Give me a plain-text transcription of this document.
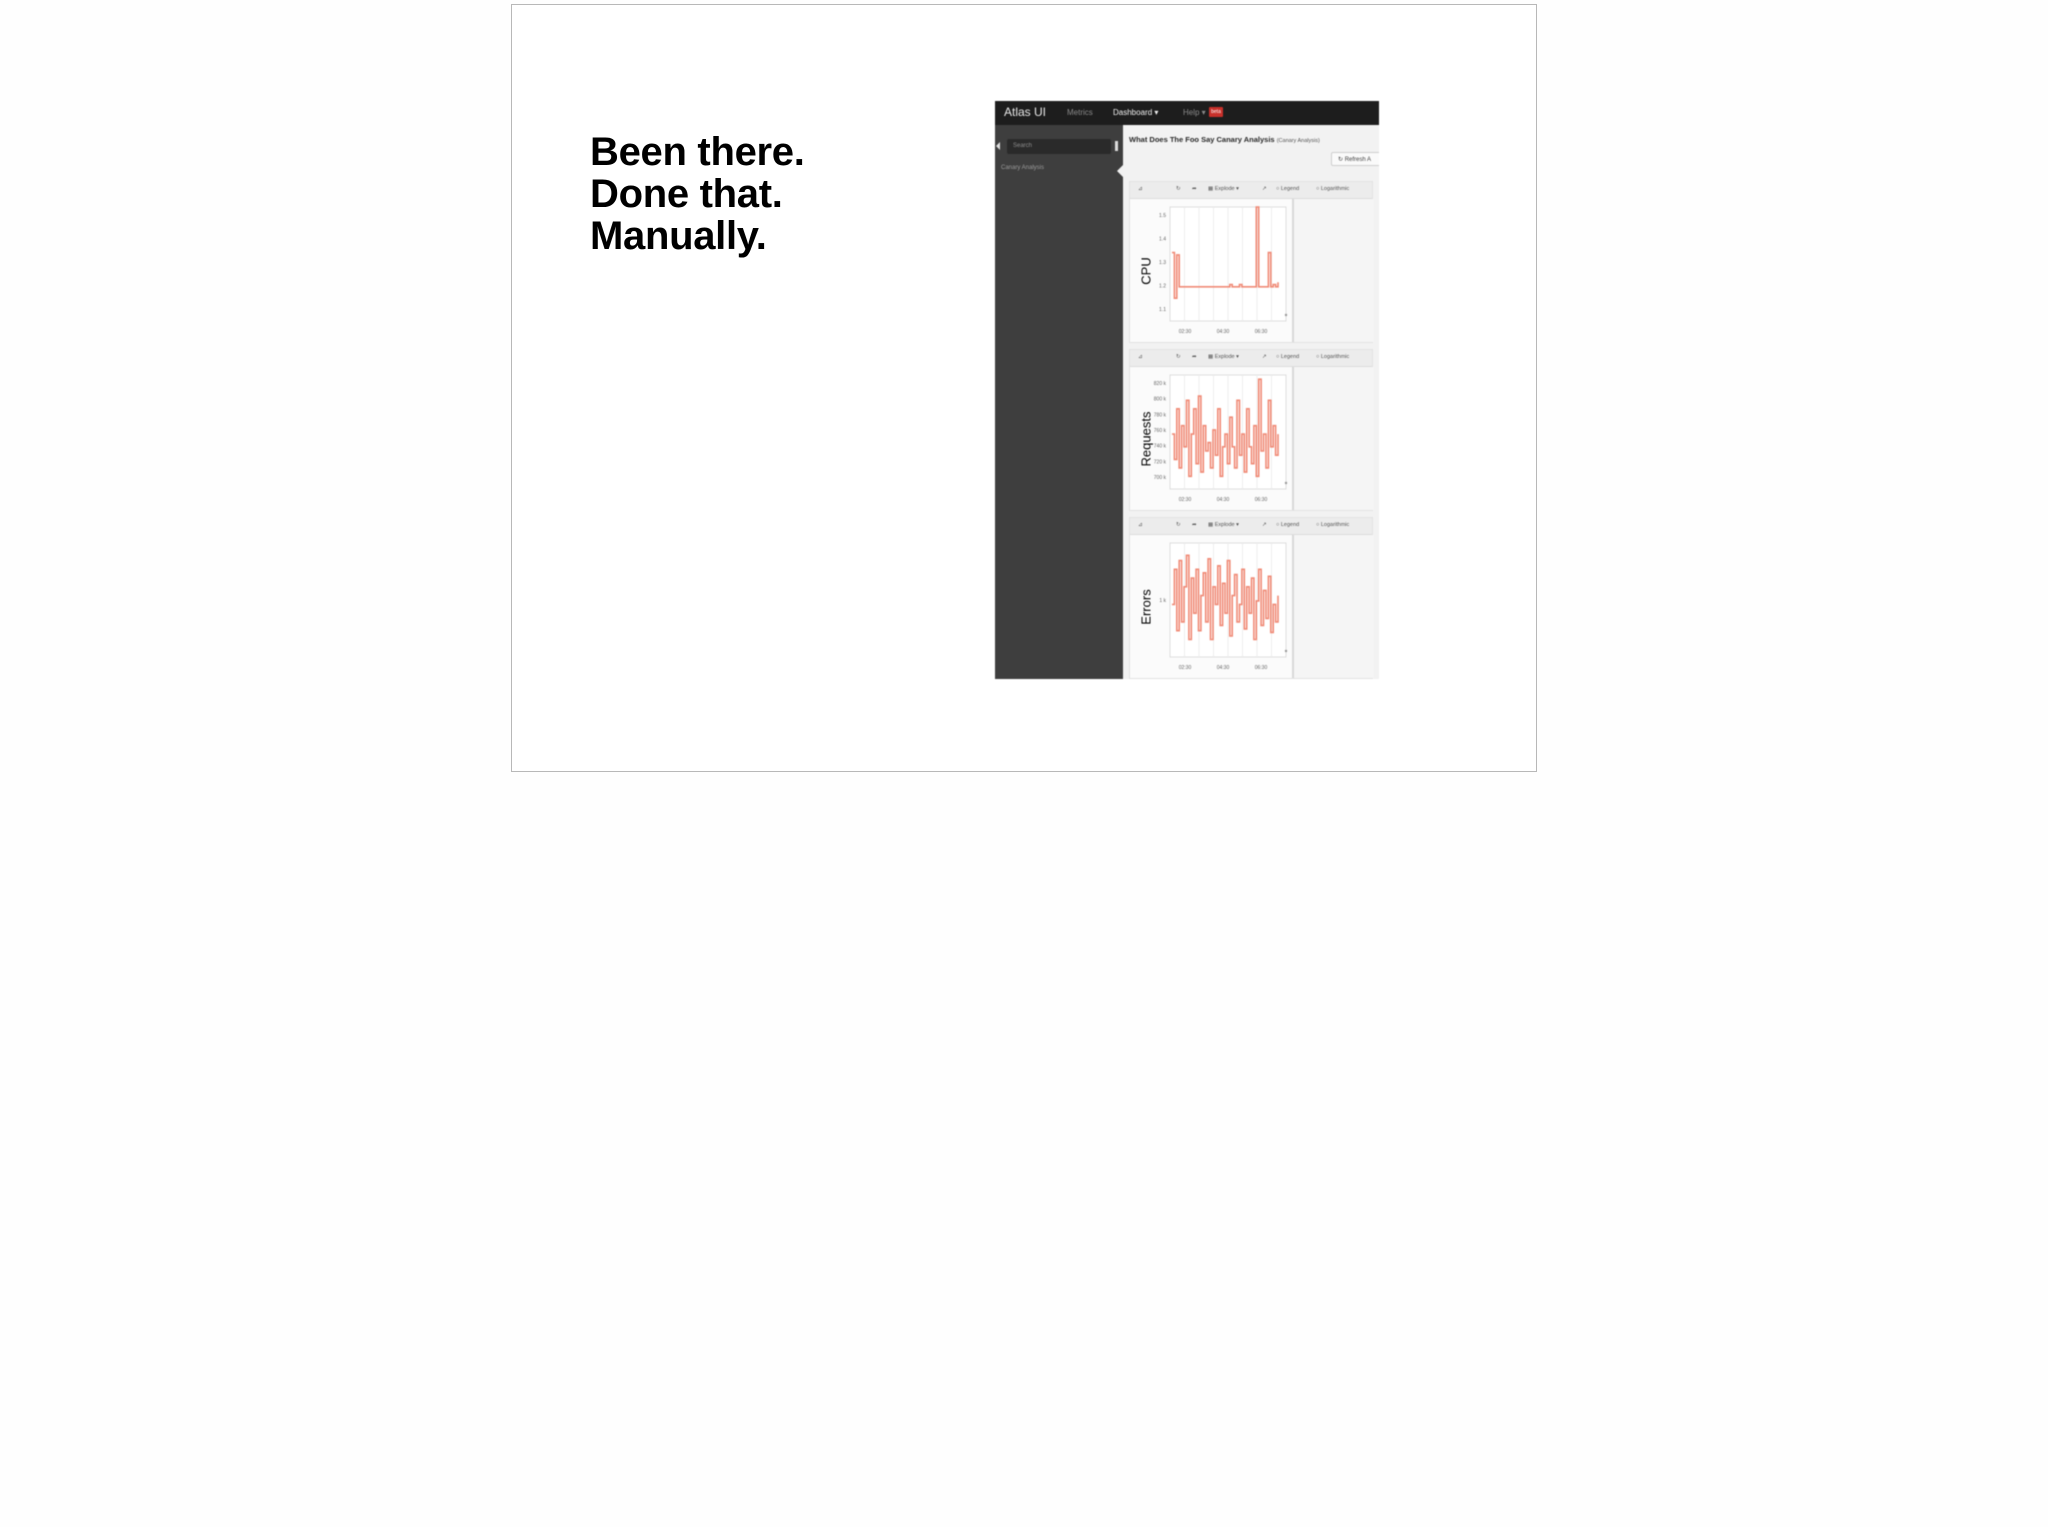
Been there.
Done that.
Manually.
Atlas UI	Metrics	Dashboard ▾	Help ▾	beta
Search
Canary Analysis
What Does The Foo Say Canary Analysis (Canary Analysis)
↻ Refresh A
⊿	↻ ➦ ▦ Explode ▾	↗ ○ Legend	○ Logarithmic
CPU
1.5
1.4
1.3
1.2
1.1
02:30	04:30	06:30
⊿	↻ ➦ ▦ Explode ▾	↗ ○ Legend	○ Logarithmic
Requests
820 k
800 k
780 k
760 k
740 k
720 k
700 k
02:30	04:30	06:30
⊿	↻ ➦ ▦ Explode ▾	↗ ○ Legend	○ Logarithmic
Errors 1 k
02:30	04:30	06:30
